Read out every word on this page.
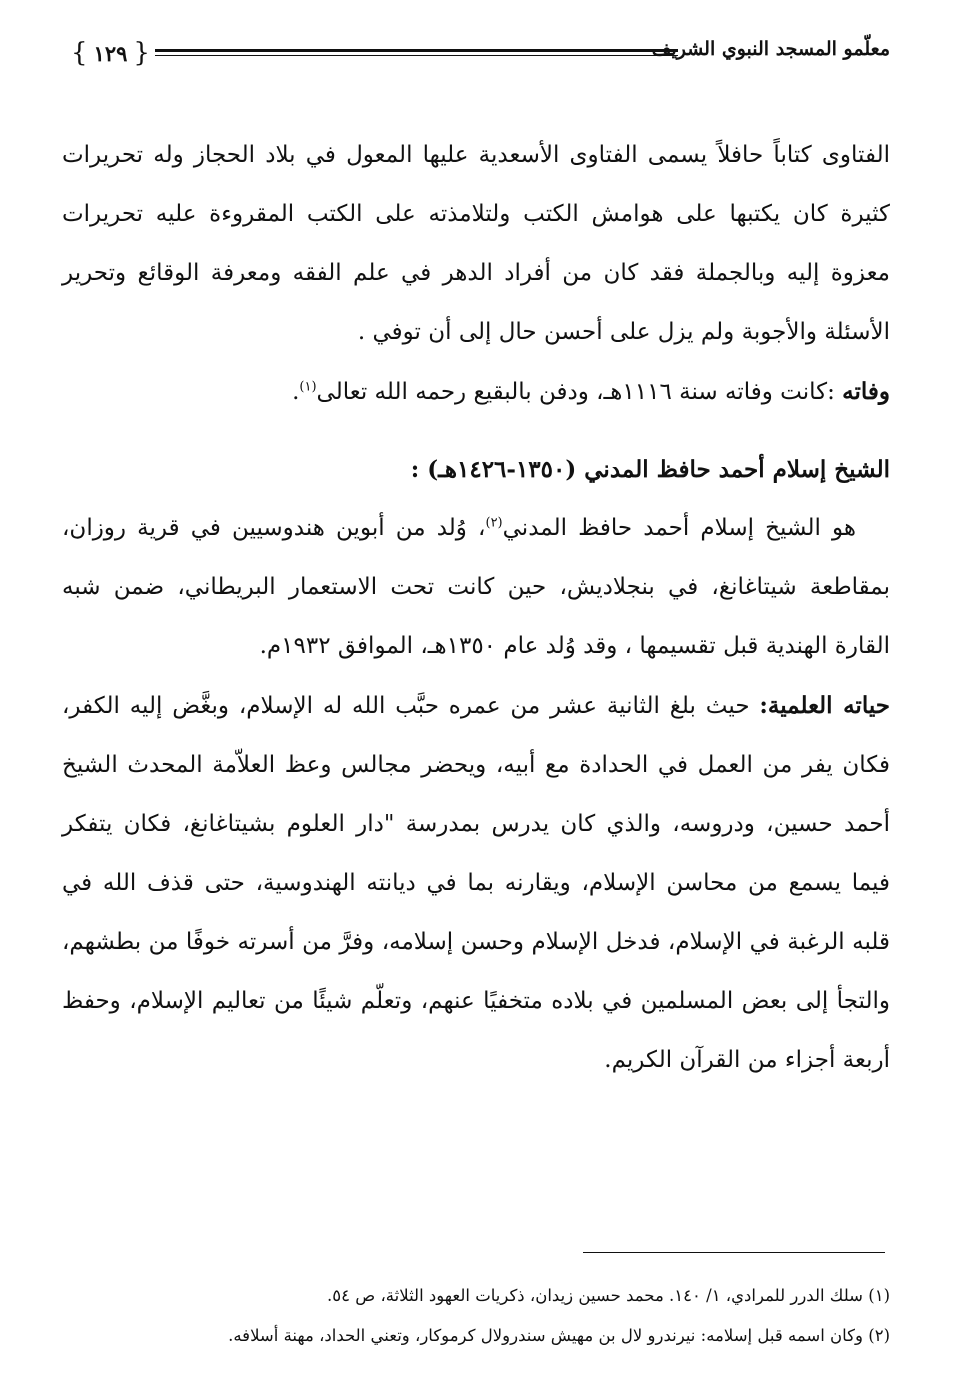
{
١٢٩
}	معلّمو المسجد النبوي الشريف

الفتاوى كتاباً حافلاً يسمى الفتاوى الأسعدية عليها المعول في بلاد الحجاز وله تحريرات كثيرة كان يكتبها على هوامش الكتب ولتلامذته على الكتب المقروءة عليه تحريرات معزوة إليه وبالجملة فقد كان من أفراد الدهر في علم الفقه ومعرفة الوقائع وتحرير الأسئلة والأجوبة ولم يزل على أحسن حال إلى أن توفي .

وفاته :كانت وفاته سنة ١١١٦هـ، ودفن بالبقيع رحمه الله تعالى$^{(١)}$.

الشيخ إسلام أحمد حافظ المدني (١٣٥٠-١٤٢٦هـ) :

هو الشيخ إسلام أحمد حافظ المدني$^{(٢)}$، وُلد من أبوين هندوسيين في قرية روزان، بمقاطعة شيتاغانغ، في بنجلاديش، حين كانت تحت الاستعمار البريطاني، ضمن شبه القارة الهندية قبل تقسيمها ، وقد وُلد عام ١٣٥٠هـ، الموافق ١٩٣٢م.

حياته العلمية: حيث بلغ الثانية عشر من عمره حبَّب الله له الإسلام، وبغَّض إليه الكفر، فكان يفر من العمل في الحدادة مع أبيه، ويحضر مجالس وعظ العلاّمة المحدث الشيخ أحمد حسين، ودروسه، والذي كان يدرس بمدرسة "دار العلوم بشيتاغانغ، فكان يتفكر فيما يسمع من محاسن الإسلام، ويقارنه بما في ديانته الهندوسية، حتى قذف الله في قلبه الرغبة في الإسلام، فدخل الإسلام وحسن إسلامه، وفرَّ من أسرته خوفًا من بطشهم، والتجأ إلى بعض المسلمين في بلاده متخفيًا عنهم، وتعلّم شيئًا من تعاليم الإسلام، وحفظ أربعة أجزاء من القرآن الكريم.

(١) سلك الدرر للمرادي، ١/ ١٤٠. محمد حسين زيدان، ذكريات العهود الثلاثة، ص ٥٤.

(٢) وكان اسمه قبل إسلامه: نيرندرو لال بن مهيش سندرولال كرموكار، وتعني الحداد، مهنة أسلافه.
